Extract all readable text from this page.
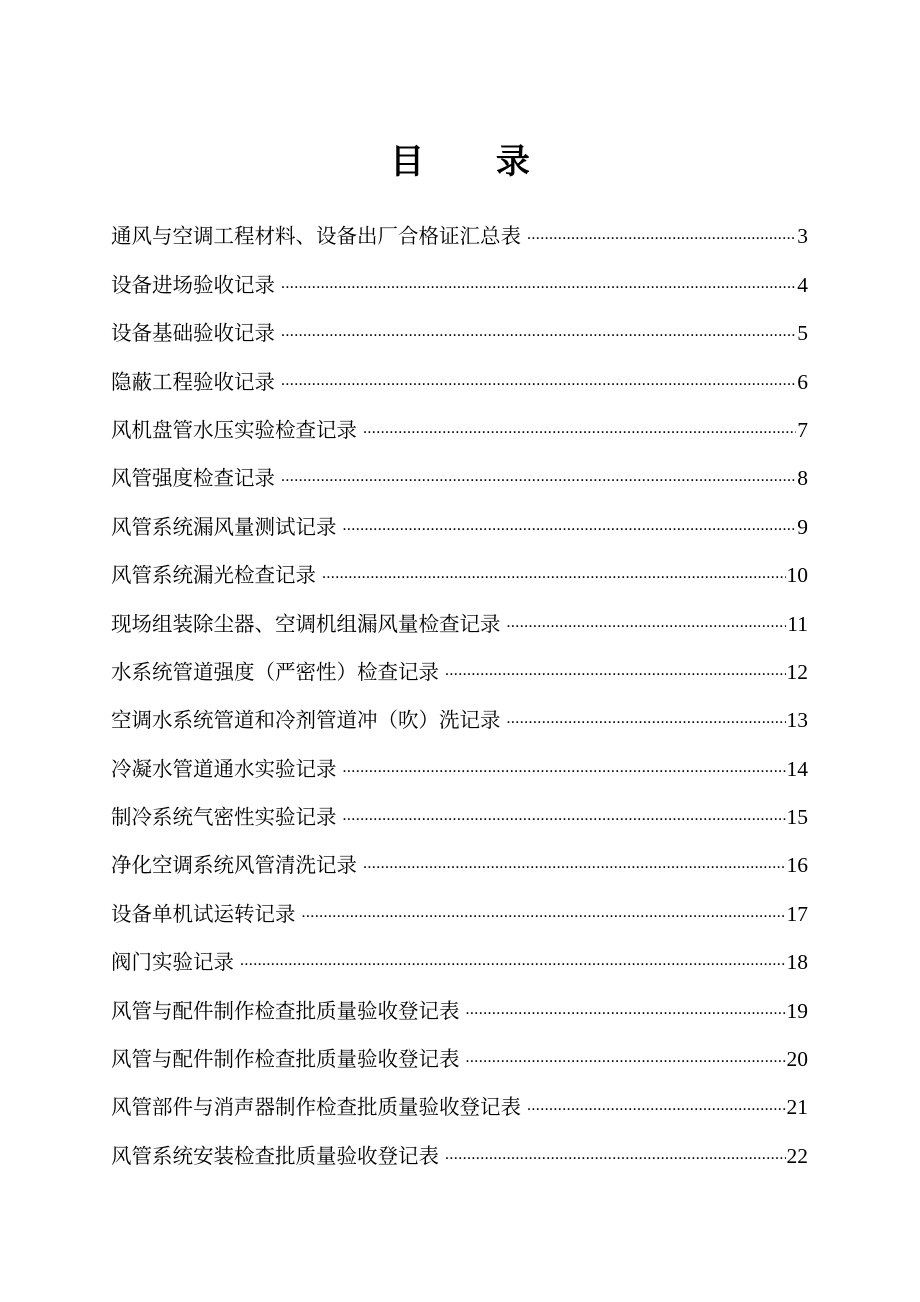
目 录
通风与空调工程材料、设备出厂合格证汇总表 .....	3
设备进场验收记录 .....	4
设备基础验收记录 .....	5
隐蔽工程验收记录 .....	6
风机盘管水压实验检查记录 .....	7
风管强度检查记录 .....	8
风管系统漏风量测试记录 .....	9
风管系统漏光检查记录 .....	10
现场组装除尘器、空调机组漏风量检查记录 .....	11
水系统管道强度（严密性）检查记录 .....	12
空调水系统管道和冷剂管道冲（吹）洗记录 .....	13
冷凝水管道通水实验记录 .....	14
制冷系统气密性实验记录 .....	15
净化空调系统风管清洗记录 .....	16
设备单机试运转记录 .....	17
阀门实验记录 .....	18
风管与配件制作检查批质量验收登记表 .....	19
风管与配件制作检查批质量验收登记表 .....	20
风管部件与消声器制作检查批质量验收登记表 .....	21
风管系统安装检查批质量验收登记表 .....	22
